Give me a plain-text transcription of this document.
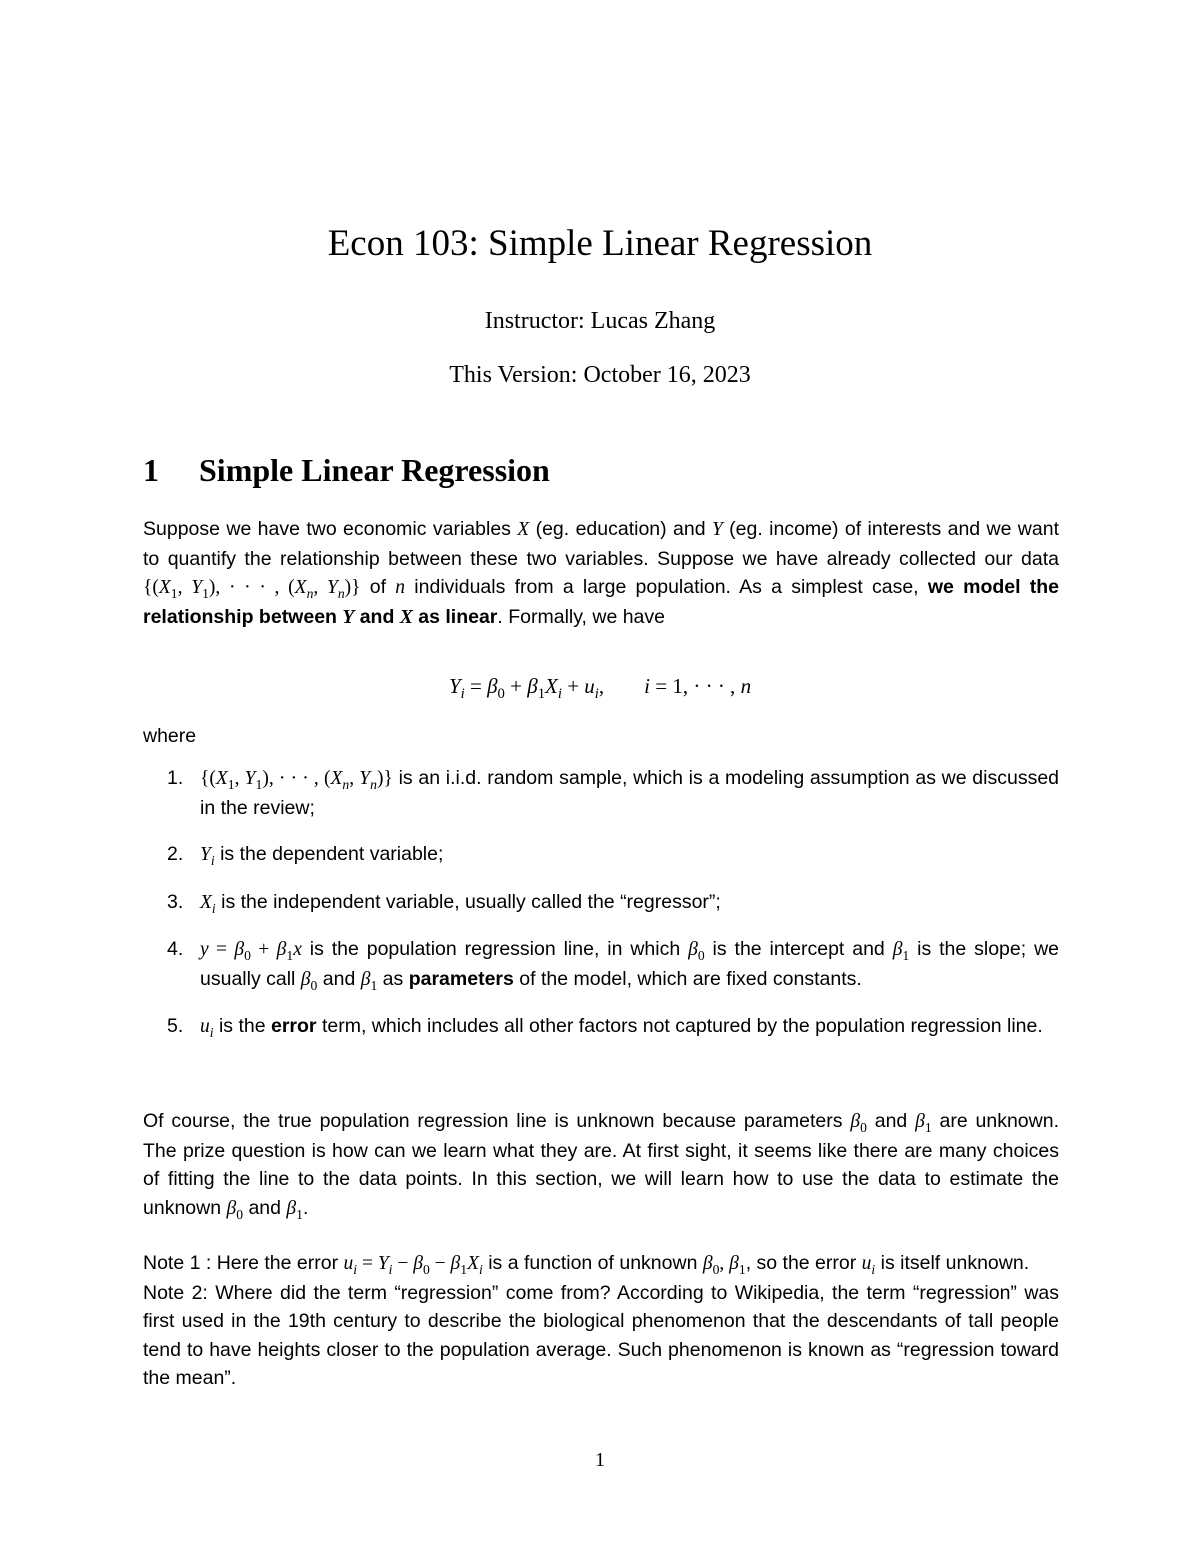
Econ 103: Simple Linear Regression
Instructor: Lucas Zhang
This Version: October 16, 2023
1 Simple Linear Regression

Suppose we have two economic variables X (eg. education) and Y (eg. income) of interests and we want to quantify the relationship between these two variables. Suppose we have already collected our data {($X_1$, $Y_1$), · · · , ($X_n$, $Y_n$)} of n individuals from a large population. As a simplest case, we model the relationship between Y and X as linear. Formally, we have

$Y_i = \beta_0 + \beta_1X_i + u_i$, i = 1, · · · , n
where
1. {($X_1$, $Y_1$), · · · , ($X_n$, $Y_n$)} is an i.i.d. random sample, which is a modeling assumption as we discussed in the review;
2. $Y_i$ is the dependent variable;
3. $X_i$ is the independent variable, usually called the “regressor”;
4. $y = \beta_0 + \beta_1x$ is the population regression line, in which $\beta_0$ is the intercept and $\beta_1$ is the slope; we usually call $\beta_0$ and $\beta_1$ as parameters of the model, which are fixed constants.
5. $u_i$ is the error term, which includes all other factors not captured by the population regression line.

Of course, the true population regression line is unknown because parameters $\beta_0$ and $\beta_1$ are unknown. The prize question is how can we learn what they are. At first sight, it seems like there are many choices of fitting the line to the data points. In this section, we will learn how to use the data to estimate the unknown $\beta_0$ and $\beta_1$.

Note 1 : Here the error $u_i = Y_i - \beta_0 - \beta_1X_i$ is a function of unknown $\beta_0$, $\beta_1$, so the error $u_i$ is itself unknown.

Note 2: Where did the term “regression” come from? According to Wikipedia, the term “regression” was first used in the 19th century to describe the biological phenomenon that the descendants of tall people tend to have heights closer to the population average. Such phenomenon is known as “regression toward the mean”.

1
